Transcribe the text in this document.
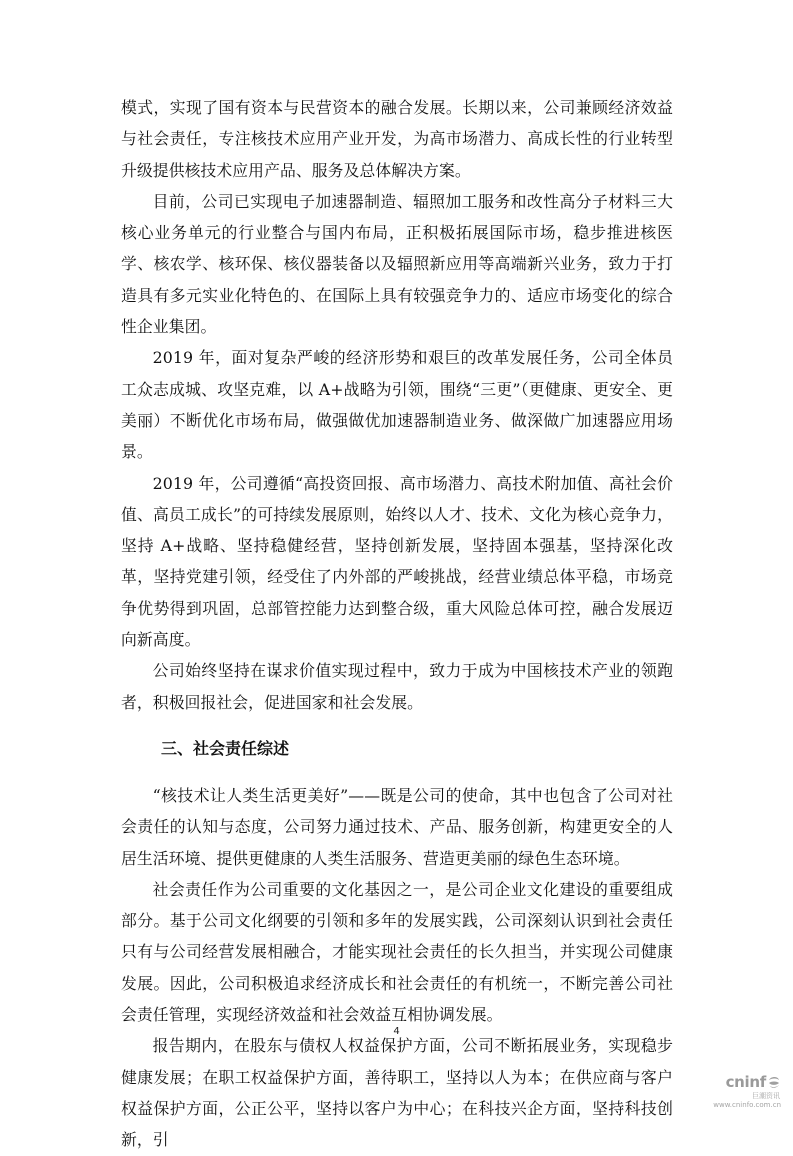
模式，实现了国有资本与民营资本的融合发展。长期以来，公司兼顾经济效益与社会责任，专注核技术应用产业开发，为高市场潜力、高成长性的行业转型升级提供核技术应用产品、服务及总体解决方案。

目前，公司已实现电子加速器制造、辐照加工服务和改性高分子材料三大核心业务单元的行业整合与国内布局，正积极拓展国际市场，稳步推进核医学、核农学、核环保、核仪器装备以及辐照新应用等高端新兴业务，致力于打造具有多元实业化特色的、在国际上具有较强竞争力的、适应市场变化的综合性企业集团。

2019 年，面对复杂严峻的经济形势和艰巨的改革发展任务，公司全体员工众志成城、攻坚克难，以 A+战略为引领，围绕“三更”（更健康、更安全、更美丽）不断优化市场布局，做强做优加速器制造业务、做深做广加速器应用场景。

2019 年，公司遵循“高投资回报、高市场潜力、高技术附加值、高社会价值、高员工成长”的可持续发展原则，始终以人才、技术、文化为核心竞争力，坚持 A+战略、坚持稳健经营，坚持创新发展，坚持固本强基，坚持深化改革，坚持党建引领，经受住了内外部的严峻挑战，经营业绩总体平稳，市场竞争优势得到巩固，总部管控能力达到整合级，重大风险总体可控，融合发展迈向新高度。

公司始终坚持在谋求价值实现过程中，致力于成为中国核技术产业的领跑者，积极回报社会，促进国家和社会发展。

三、社会责任综述

“核技术让人类生活更美好”——既是公司的使命，其中也包含了公司对社会责任的认知与态度，公司努力通过技术、产品、服务创新，构建更安全的人居生活环境、提供更健康的人类生活服务、营造更美丽的绿色生态环境。

社会责任作为公司重要的文化基因之一，是公司企业文化建设的重要组成部分。基于公司文化纲要的引领和多年的发展实践，公司深刻认识到社会责任只有与公司经营发展相融合，才能实现社会责任的长久担当，并实现公司健康发展。因此，公司积极追求经济成长和社会责任的有机统一，不断完善公司社会责任管理，实现经济效益和社会效益互相协调发展。

报告期内，在股东与债权人权益保护方面，公司不断拓展业务，实现稳步健康发展；在职工权益保护方面，善待职工，坚持以人为本；在供应商与客户权益保护方面，公正公平，坚持以客户为中心；在科技兴企方面，坚持科技创新，引

4
cninf
巨潮资讯
www.cninfo.com.cn
